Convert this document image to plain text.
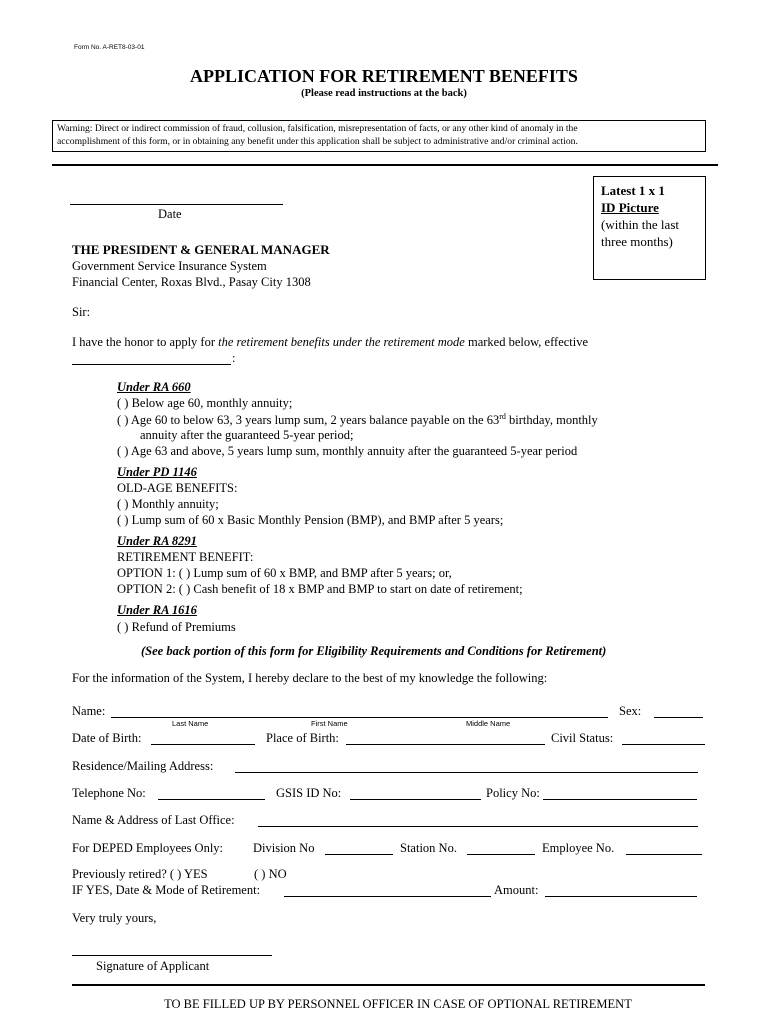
Form No. A-RET8-03-01
APPLICATION FOR RETIREMENT BENEFITS
(Please read instructions at the back)
Warning: Direct or indirect commission of fraud, collusion, falsification, misrepresentation of facts, or any other kind of anomaly in the
accomplishment of this form, or in obtaining any benefit under this application shall be subject to administrative and/or criminal action.
Latest 1 x 1
ID Picture
(within the last
three months)
Date
THE PRESIDENT & GENERAL MANAGER
Government Service Insurance System
Financial Center, Roxas Blvd., Pasay City 1308
Sir:
I have the honor to apply for the retirement benefits under the retirement mode marked below, effective
:
Under RA 660
( ) Below age 60, monthly annuity;
( ) Age 60 to below 63, 3 years lump sum, 2 years balance payable on the 63rd birthday, monthly
annuity after the guaranteed 5-year period;
( ) Age 63 and above, 5 years lump sum, monthly annuity after the guaranteed 5-year period
Under PD 1146
OLD-AGE BENEFITS:
( ) Monthly annuity;
( ) Lump sum of 60 x Basic Monthly Pension (BMP), and BMP after 5 years;
Under RA 8291
RETIREMENT BENEFIT:
OPTION 1: ( ) Lump sum of 60 x BMP, and BMP after 5 years; or,
OPTION 2: ( ) Cash benefit of 18 x BMP and BMP to start on date of retirement;
Under RA 1616
( ) Refund of Premiums
(See back portion of this form for Eligibility Requirements and Conditions for Retirement)
For the information of the System, I hereby declare to the best of my knowledge the following:
Name:	Sex:
Last Name	First Name	Middle Name
Date of Birth:	Place of Birth:	Civil Status:
Residence/Mailing Address:
Telephone No:	GSIS ID No:	Policy No:
Name & Address of Last Office:
For DEPED Employees Only: Division No	Station No.	Employee No.
Previously retired? ( ) YES	( ) NO
IF YES, Date & Mode of Retirement:	Amount:
Very truly yours,
Signature of Applicant
TO BE FILLED UP BY PERSONNEL OFFICER IN CASE OF OPTIONAL RETIREMENT
